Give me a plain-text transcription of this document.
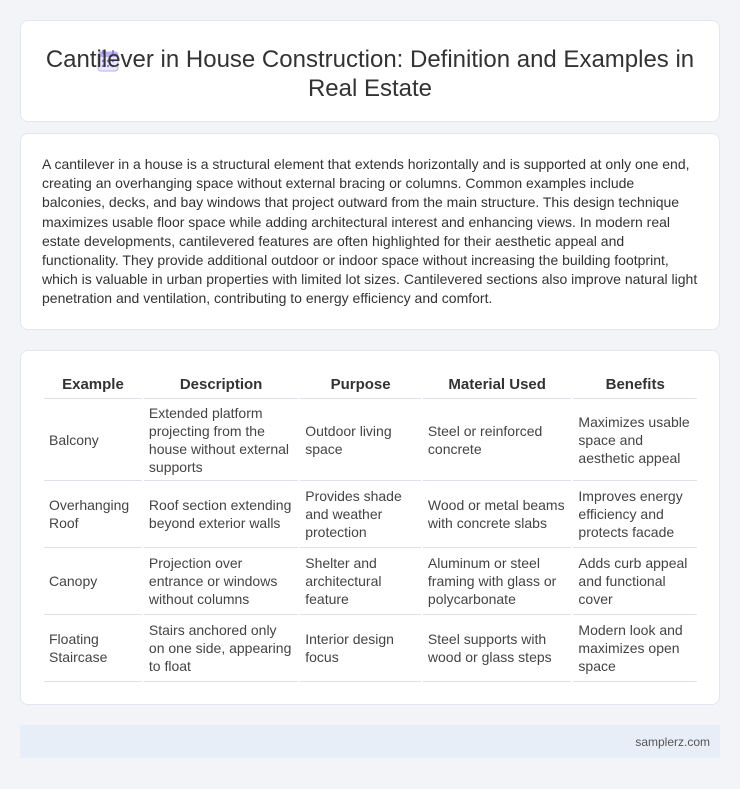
Cantilever in House Construction: Definition and Examples in Real Estate

A cantilever in a house is a structural element that extends horizontally and is supported at only one end, creating an overhanging space without external bracing or columns. Common examples include balconies, decks, and bay windows that project outward from the main structure. This design technique maximizes usable floor space while adding architectural interest and enhancing views. In modern real estate developments, cantilevered features are often highlighted for their aesthetic appeal and functionality. They provide additional outdoor or indoor space without increasing the building footprint, which is valuable in urban properties with limited lot sizes. Cantilevered sections also improve natural light penetration and ventilation, contributing to energy efficiency and comfort.

Example	Description	Purpose	Material Used	Benefits
Balcony	Extended platform projecting from the house without external supports	Outdoor living space	Steel or reinforced concrete	Maximizes usable space and aesthetic appeal
Overhanging Roof	Roof section extending beyond exterior walls	Provides shade and weather protection	Wood or metal beams with concrete slabs	Improves energy efficiency and protects facade
Canopy	Projection over entrance or windows without columns	Shelter and architectural feature	Aluminum or steel framing with glass or polycarbonate	Adds curb appeal and functional cover
Floating Staircase	Stairs anchored only on one side, appearing to float	Interior design focus	Steel supports with wood or glass steps	Modern look and maximizes open space
samplerz.com
